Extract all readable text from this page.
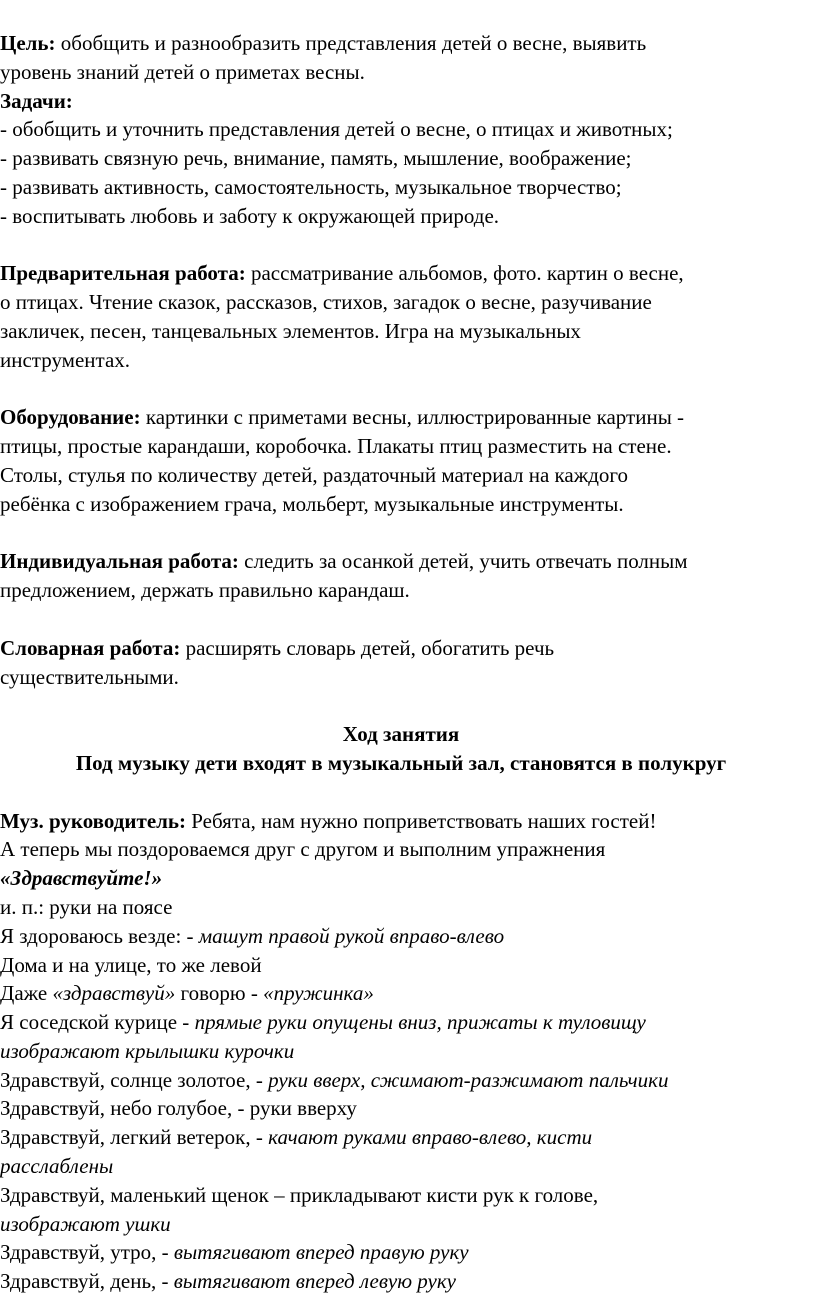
Цель: обобщить и разнообразить представления детей о весне, выявить
уровень знаний детей о приметах весны.
Задачи:
- обобщить и уточнить представления детей о весне, о птицах и животных;
- развивать связную речь, внимание, память, мышление, воображение;
- развивать активность, самостоятельность, музыкальное творчество;
- воспитывать любовь и заботу к окружающей природе.
Предварительная работа: рассматривание альбомов, фото. картин о весне,
о птицах. Чтение сказок, рассказов, стихов, загадок о весне, разучивание
закличек, песен, танцевальных элементов. Игра на музыкальных
инструментах.
Оборудование: картинки с приметами весны, иллюстрированные картины -
птицы, простые карандаши, коробочка. Плакаты птиц разместить на стене.
Столы, стулья по количеству детей, раздаточный материал на каждого
ребёнка с изображением грача, мольберт, музыкальные инструменты.
Индивидуальная работа: следить за осанкой детей, учить отвечать полным
предложением, держать правильно карандаш.
Словарная работа: расширять словарь детей, обогатить речь
существительными.
Ход занятия
Под музыку дети входят в музыкальный зал, становятся в полукруг
Муз. руководитель: Ребята, нам нужно поприветствовать наших гостей!
А теперь мы поздороваемся друг с другом и выполним упражнения
«Здравствуйте!»
и. п.: руки на поясе
Я здороваюсь везде: - машут правой рукой вправо-влево
Дома и на улице, то же левой
Даже «здравствуй» говорю - «пружинка»
Я соседской курице - прямые руки опущены вниз, прижаты к туловищу
изображают крылышки курочки
Здравствуй, солнце золотое, - руки вверх, сжимают-разжимают пальчики
Здравствуй, небо голубое, - руки вверху
Здравствуй, легкий ветерок, - качают руками вправо-влево, кисти
расслаблены
Здравствуй, маленький щенок – прикладывают кисти рук к голове,
изображают ушки
Здравствуй, утро, - вытягивают вперед правую руку
Здравствуй, день, - вытягивают вперед левую руку
